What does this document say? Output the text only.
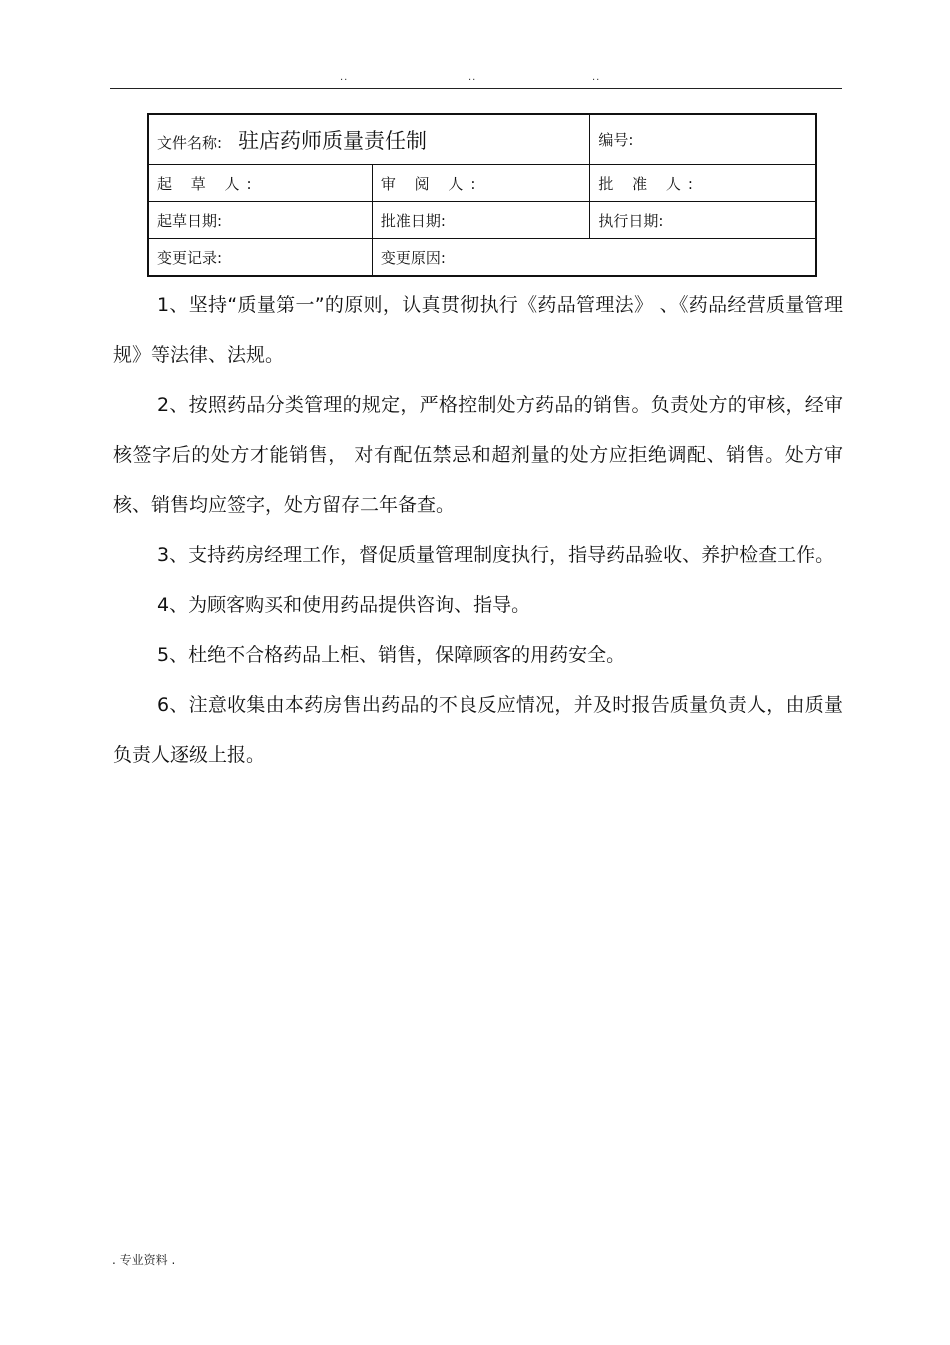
..	..	..
文件名称: 驻店药师质量责任制		编号:
起 草 人:	审 阅 人:	批 准 人:
起草日期:	批准日期:	执行日期:
变更记录:	变更原因:	

1、坚持“质量第一”的原则，认真贯彻执行《药品管理法》 、《药品经营质量管理规》等法律、法规。

2、按照药品分类管理的规定，严格控制处方药品的销售。负责处方的审核，经审核签字后的处方才能销售， 对有配伍禁忌和超剂量的处方应拒绝调配、销售。处方审核、销售均应签字，处方留存二年备查。

3、支持药房经理工作，督促质量管理制度执行，指导药品验收、养护检查工作。

4、为顾客购买和使用药品提供咨询、指导。

5、杜绝不合格药品上柜、销售，保障顾客的用药安全。

6、注意收集由本药房售出药品的不良反应情况，并及时报告质量负责人，由质量负责人逐级上报。

. 专业资料 .
